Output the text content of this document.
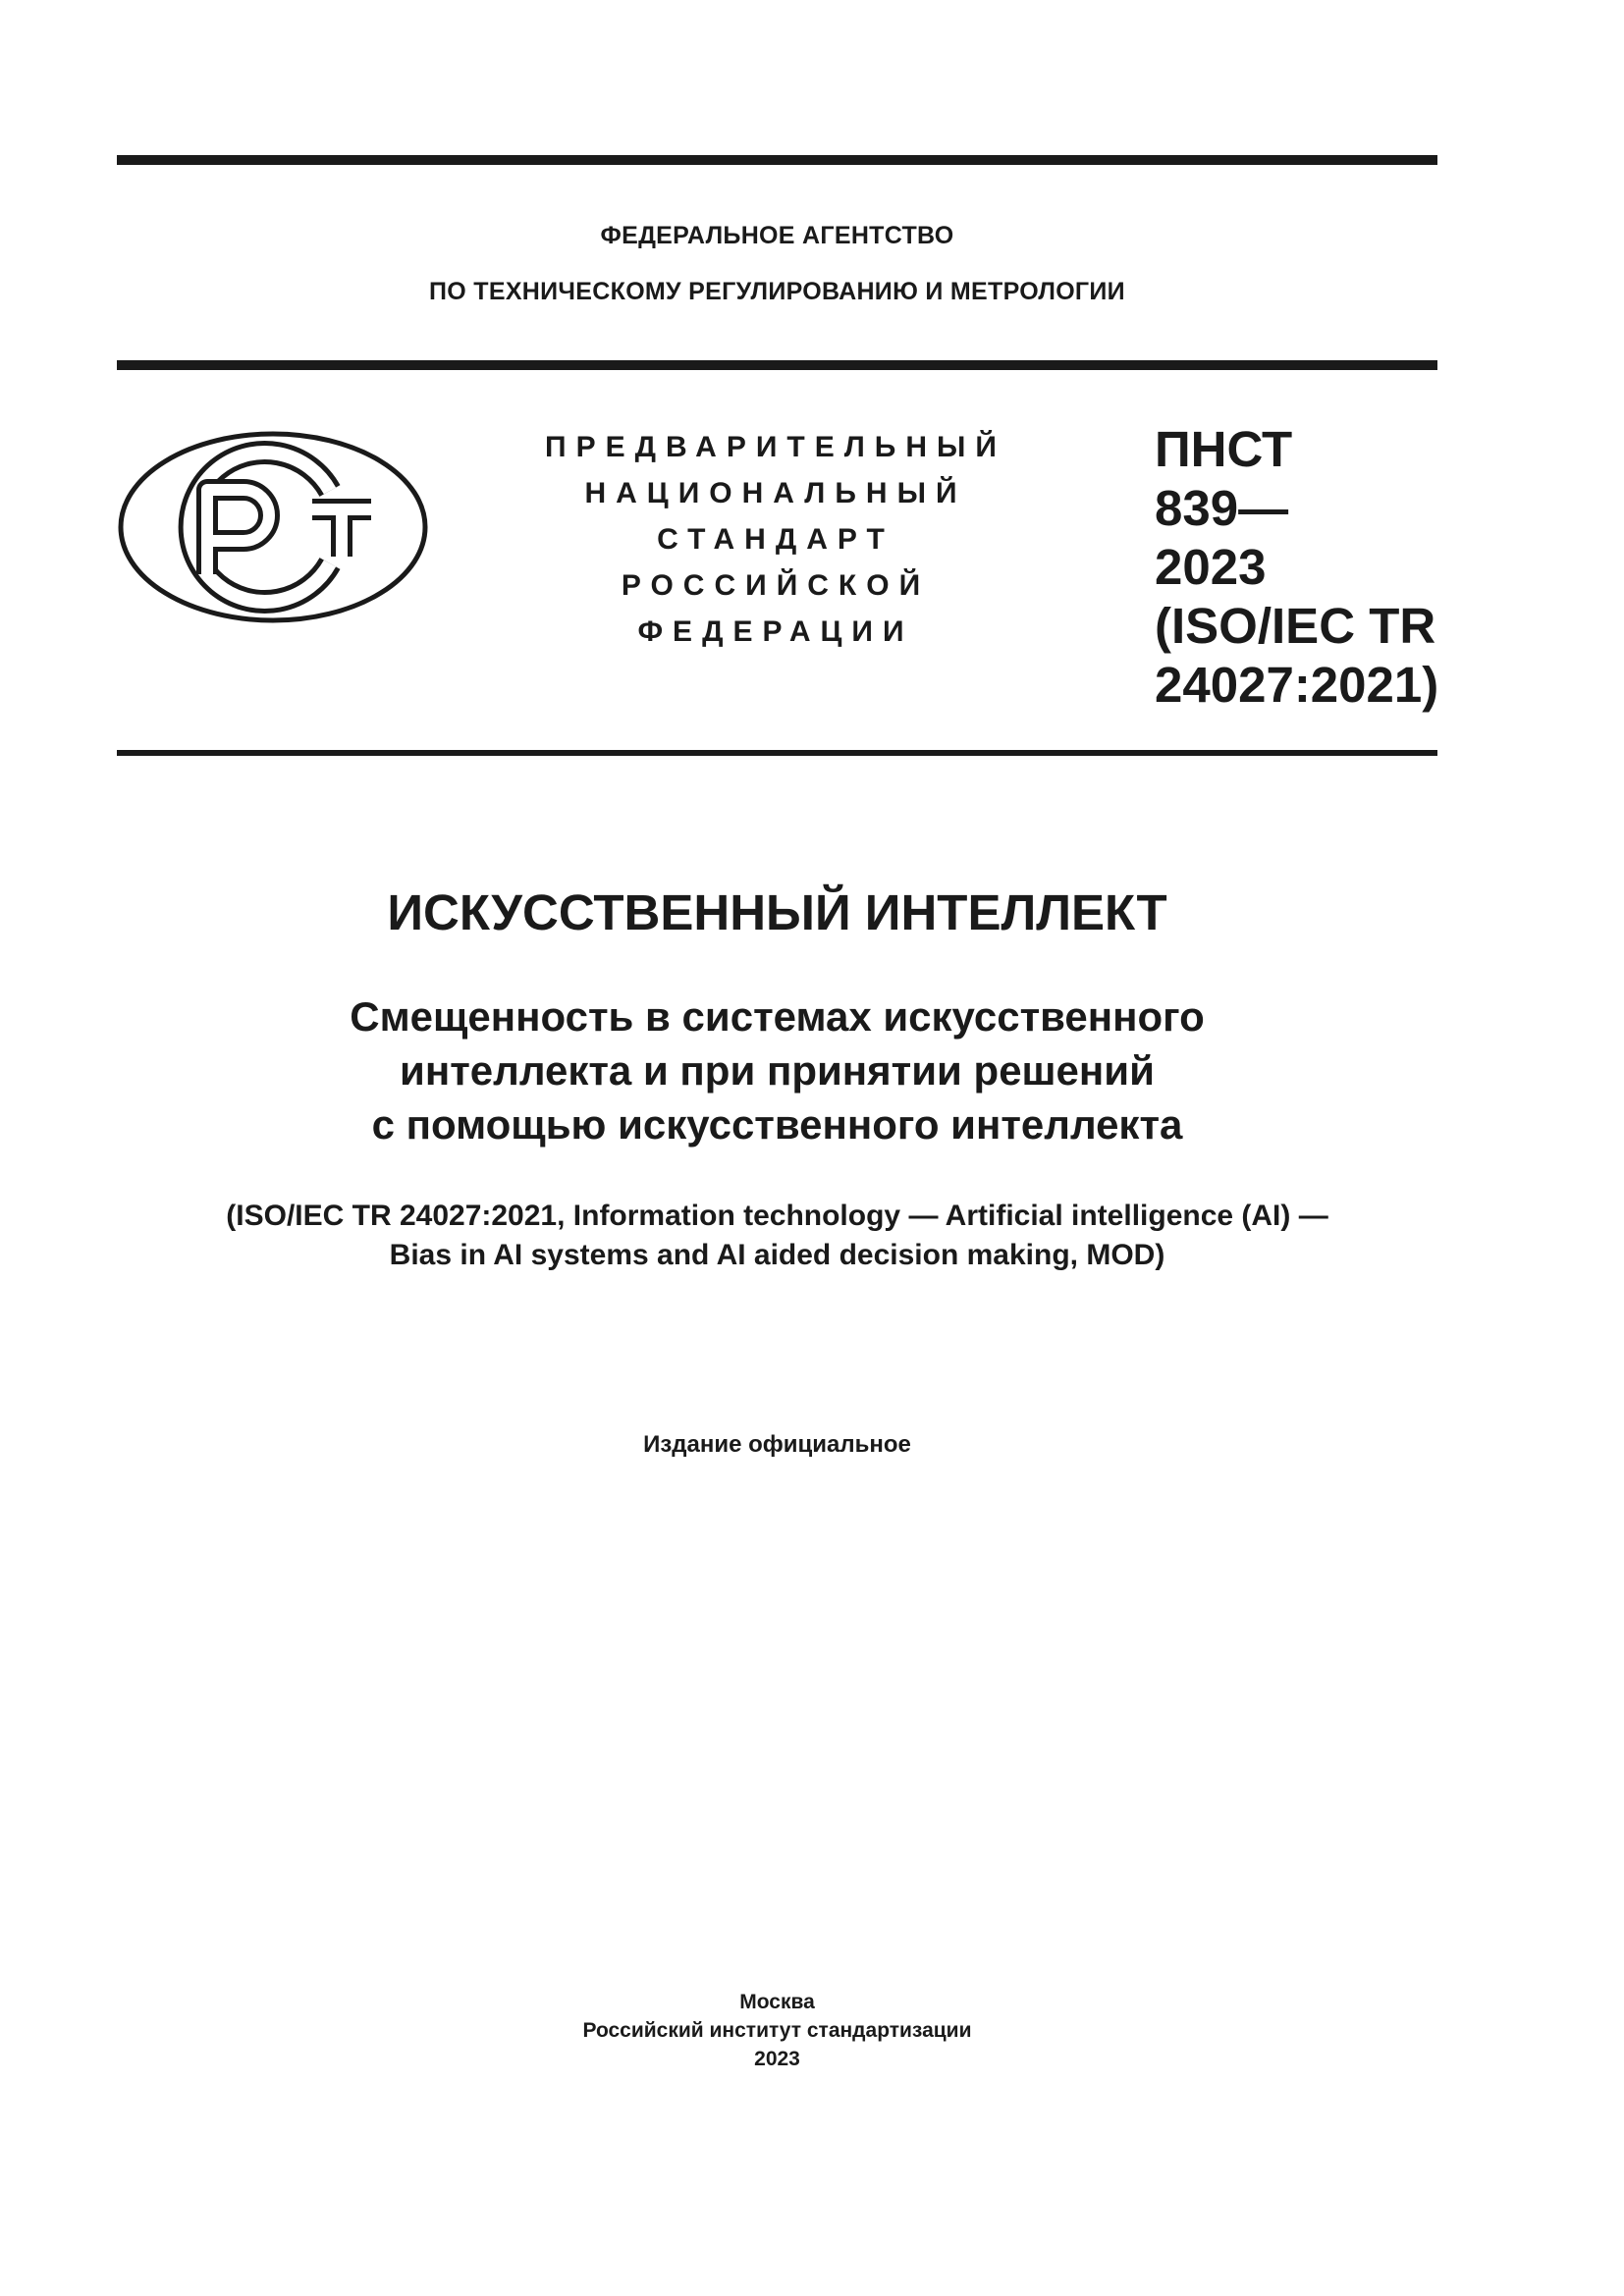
ФЕДЕРАЛЬНОЕ АГЕНТСТВО

ПО ТЕХНИЧЕСКОМУ РЕГУЛИРОВАНИЮ И МЕТРОЛОГИИ

ПРЕДВАРИТЕЛЬНЫЙ
НАЦИОНАЛЬНЫЙ
СТАНДАРТ
РОССИЙСКОЙ
ФЕДЕРАЦИИ
ПНСТ
839—
2023
(ISO/IEC TR
24027:2021)
ИСКУССТВЕННЫЙ ИНТЕЛЛЕКТ
Смещенность в системах искусственного
интеллекта и при принятии решений
с помощью искусственного интеллекта
(ISO/IEC TR 24027:2021, Information technology — Artificial intelligence (AI) —
Bias in AI systems and AI aided decision making, MOD)

Издание официальное

Москва
Российский институт стандартизации
2023
